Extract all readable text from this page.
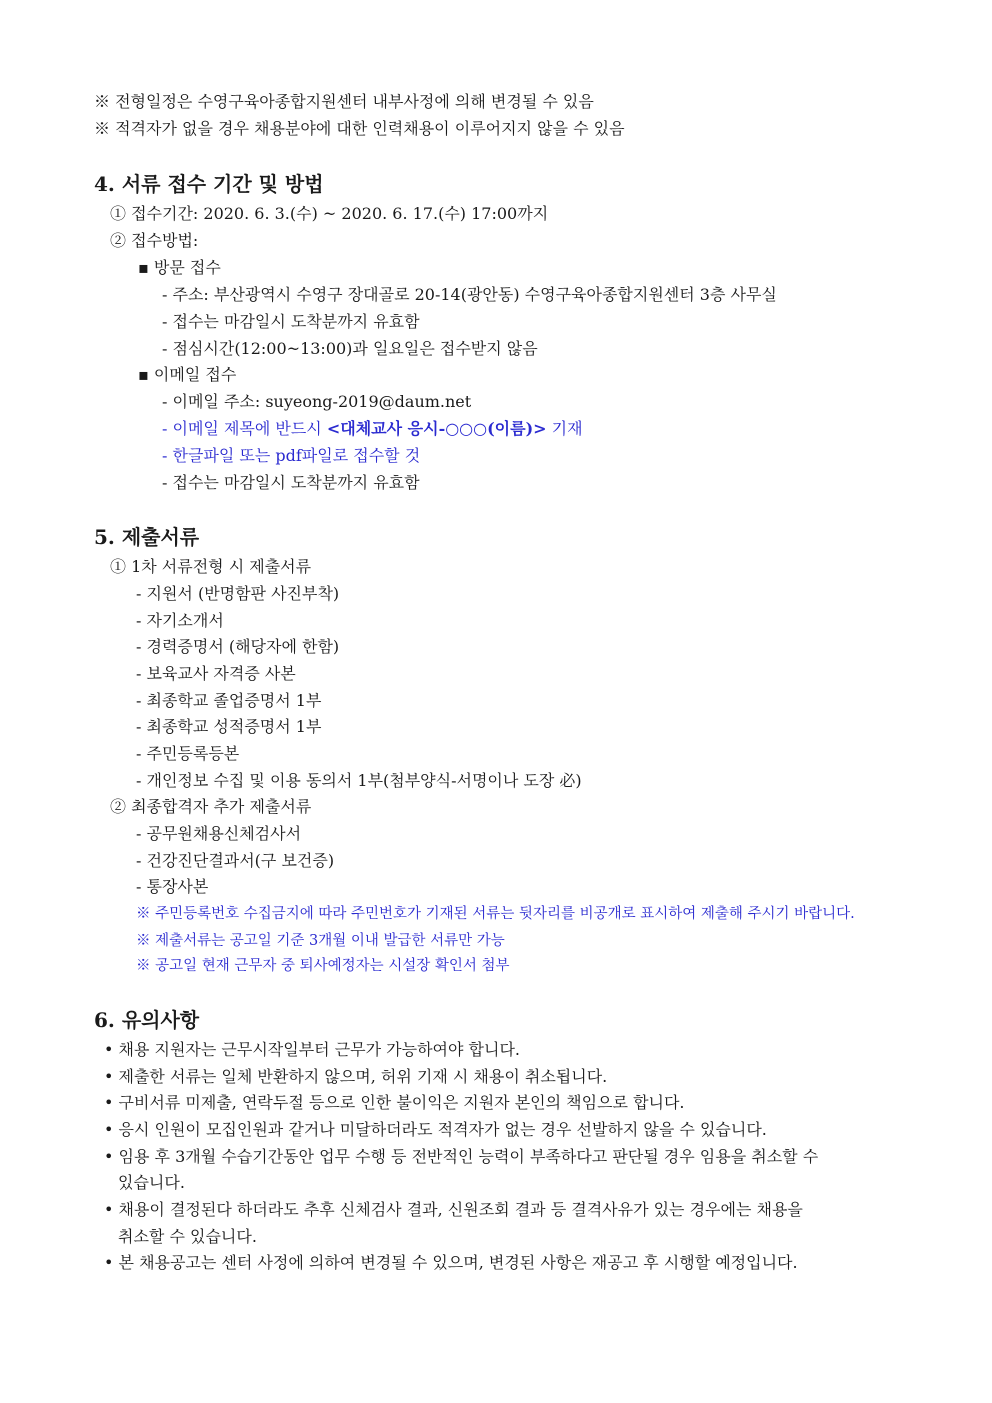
※ 전형일정은 수영구육아종합지원센터 내부사정에 의해 변경될 수 있음
※ 적격자가 없을 경우 채용분야에 대한 인력채용이 이루어지지 않을 수 있음
4. 서류 접수 기간 및 방법
① 접수기간: 2020. 6. 3.(수) ~ 2020. 6. 17.(수) 17:00까지
② 접수방법:
▪ 방문 접수
- 주소: 부산광역시 수영구 장대골로 20-14(광안동) 수영구육아종합지원센터 3층 사무실
- 접수는 마감일시 도착분까지 유효함
- 점심시간(12:00~13:00)과 일요일은 접수받지 않음
▪ 이메일 접수
- 이메일 주소: suyeong-2019@daum.net
- 이메일 제목에 반드시 <대체교사 응시-○○○(이름)> 기재
- 한글파일 또는 pdf파일로 접수할 것
- 접수는 마감일시 도착분까지 유효함
5. 제출서류
① 1차 서류전형 시 제출서류
- 지원서 (반명함판 사진부착)
- 자기소개서
- 경력증명서 (해당자에 한함)
- 보육교사 자격증 사본
- 최종학교 졸업증명서 1부
- 최종학교 성적증명서 1부
- 주민등록등본
- 개인정보 수집 및 이용 동의서 1부(첨부양식-서명이나 도장 必)
② 최종합격자 추가 제출서류
- 공무원채용신체검사서
- 건강진단결과서(구 보건증)
- 통장사본
※ 주민등록번호 수집금지에 따라 주민번호가 기재된 서류는 뒷자리를 비공개로 표시하여 제출해 주시기 바랍니다.
※ 제출서류는 공고일 기준 3개월 이내 발급한 서류만 가능
※ 공고일 현재 근무자 중 퇴사예정자는 시설장 확인서 첨부
6. 유의사항
• 채용 지원자는 근무시작일부터 근무가 가능하여야 합니다.
• 제출한 서류는 일체 반환하지 않으며, 허위 기재 시 채용이 취소됩니다.
• 구비서류 미제출, 연락두절 등으로 인한 불이익은 지원자 본인의 책임으로 합니다.
• 응시 인원이 모집인원과 같거나 미달하더라도 적격자가 없는 경우 선발하지 않을 수 있습니다.
• 임용 후 3개월 수습기간동안 업무 수행 등 전반적인 능력이 부족하다고 판단될 경우 임용을 취소할 수
있습니다.
• 채용이 결정된다 하더라도 추후 신체검사 결과, 신원조회 결과 등 결격사유가 있는 경우에는 채용을
취소할 수 있습니다.
• 본 채용공고는 센터 사정에 의하여 변경될 수 있으며, 변경된 사항은 재공고 후 시행할 예정입니다.
